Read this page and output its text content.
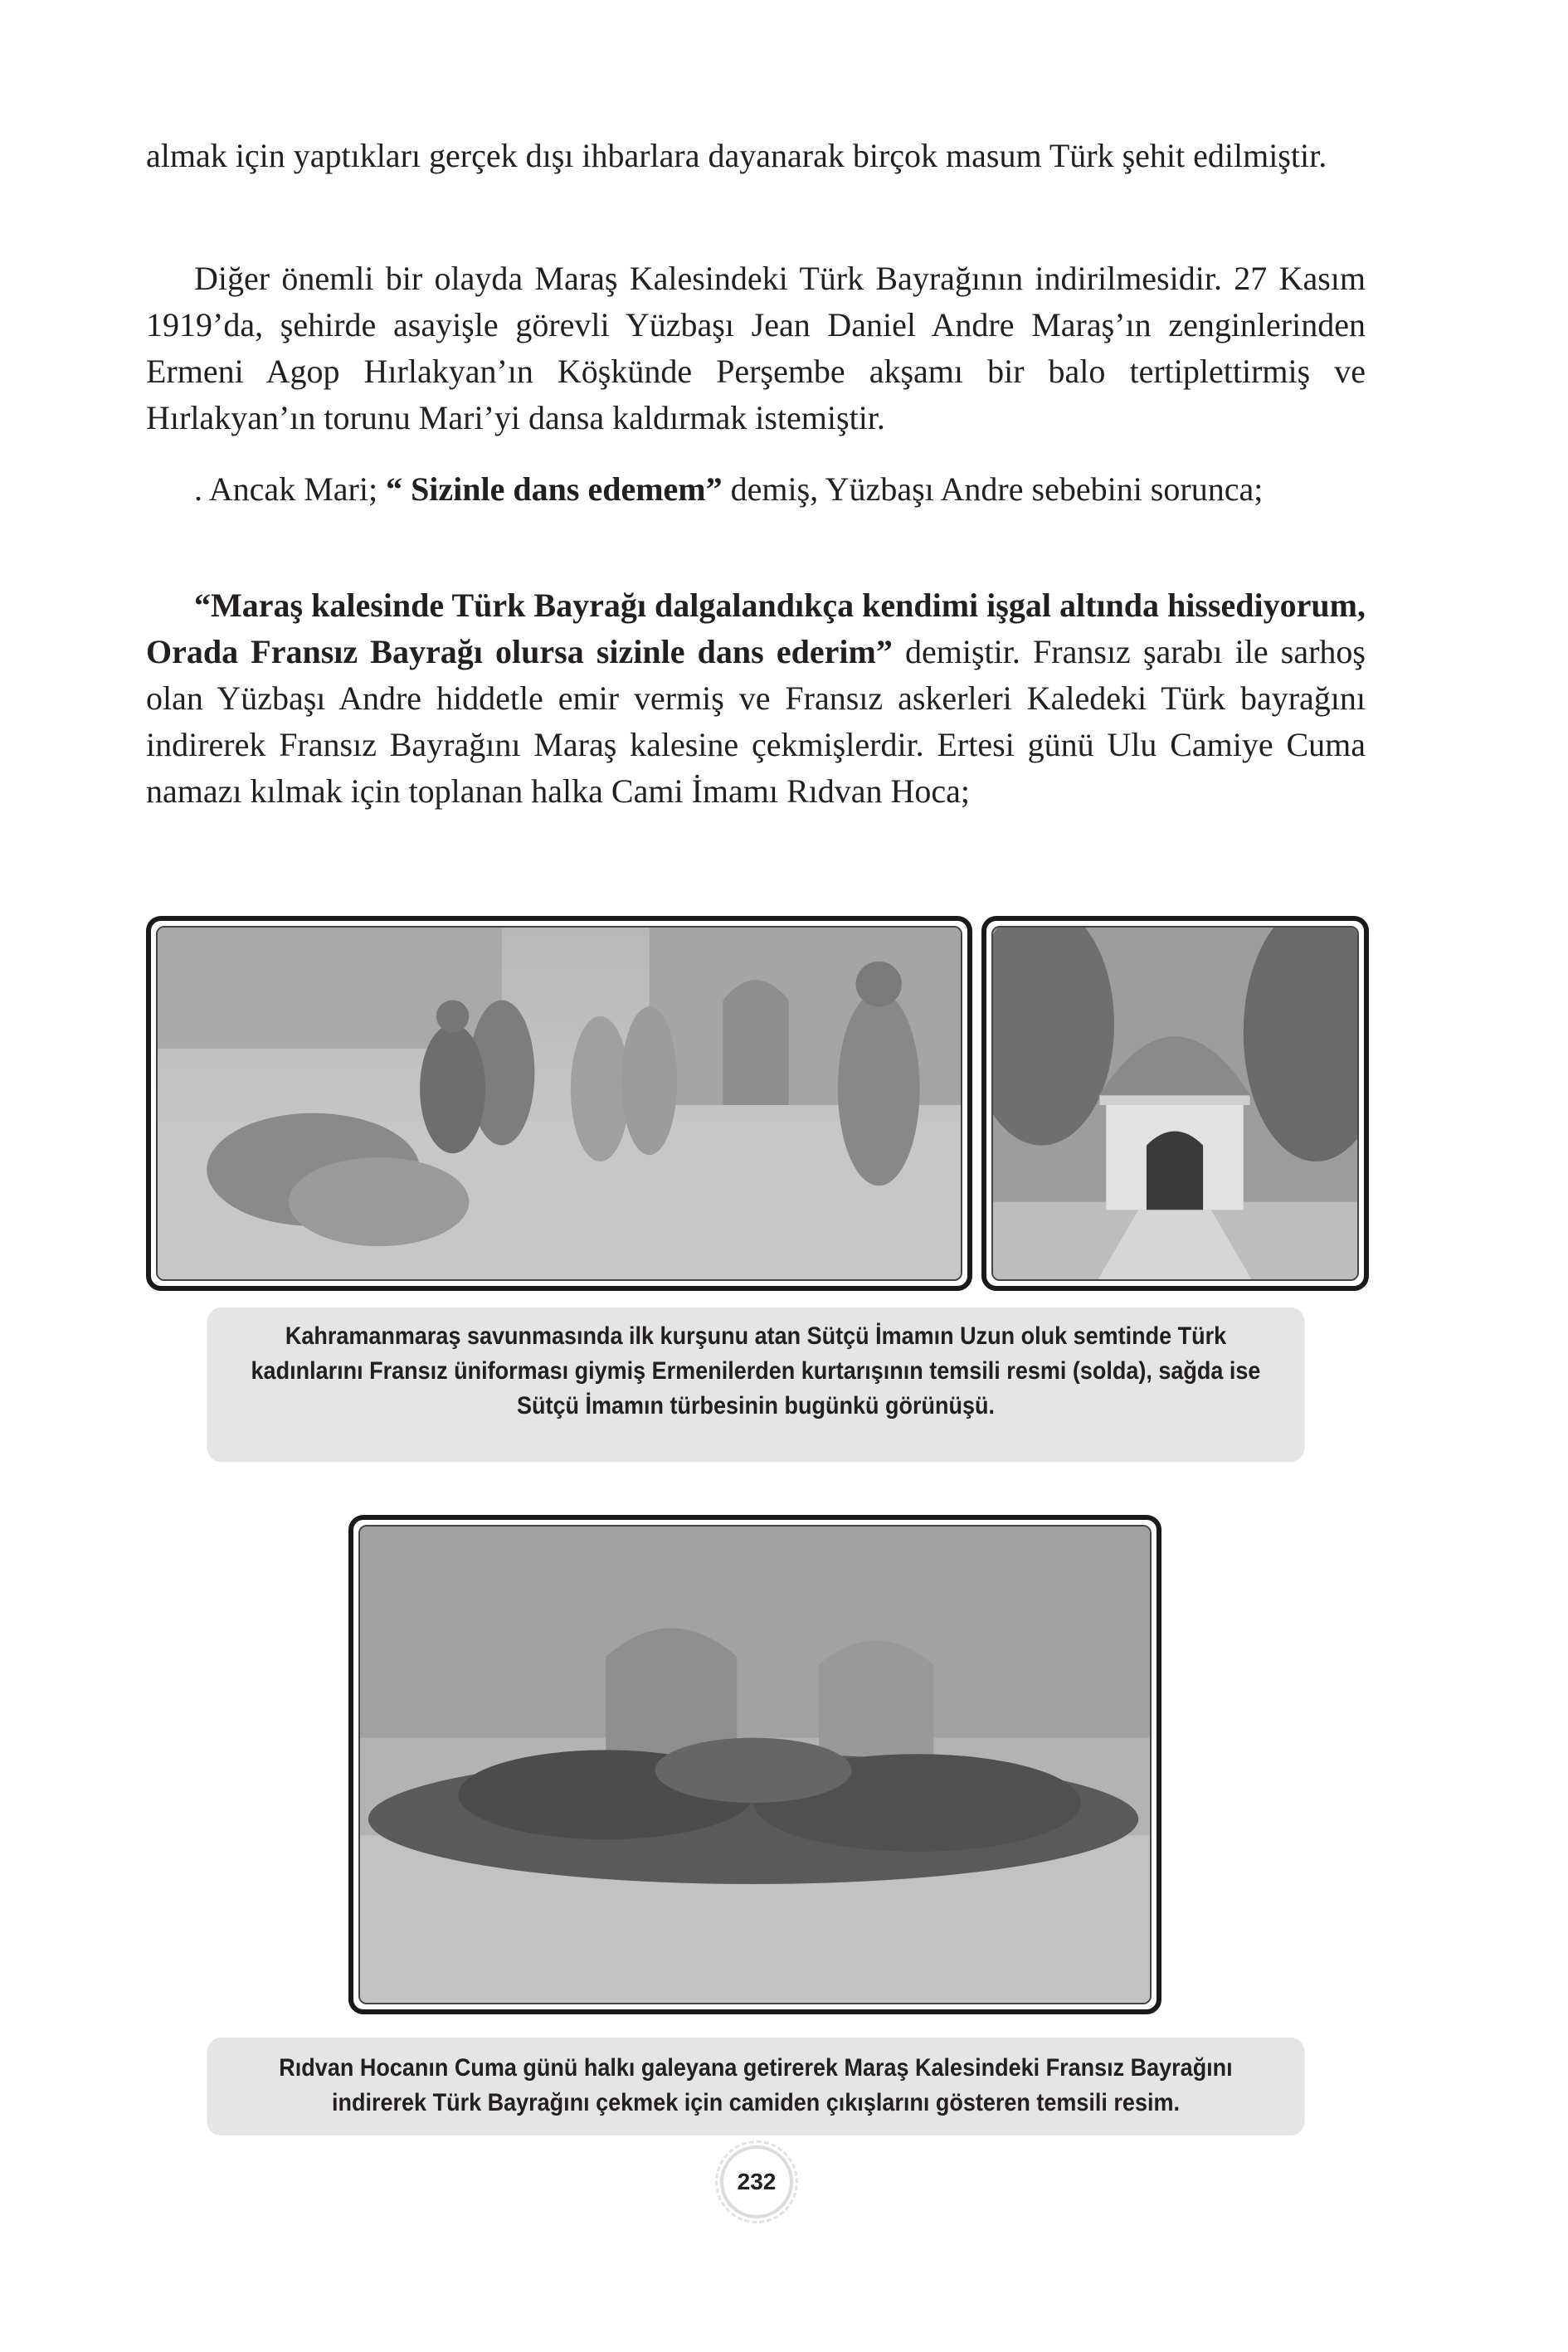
almak için yaptıkları gerçek dışı ihbarlara dayanarak birçok masum Türk şehit edilmiştir.

Diğer önemli bir olayda Maraş Kalesindeki Türk Bayrağının indirilmesidir. 27 Kasım 1919’da, şehirde asayişle görevli Yüzbaşı Jean Daniel Andre Maraş’ın zenginlerinden Ermeni Agop Hırlakyan’ın Köşkünde Perşembe akşamı bir balo tertiplettirmiş ve Hırlakyan’ın torunu Mari’yi dansa kaldırmak istemiştir.

. Ancak Mari; “ Sizinle dans edemem” demiş, Yüzbaşı Andre sebebini sorunca;

“Maraş kalesinde Türk Bayrağı dalgalandıkça kendimi işgal altında hissediyorum, Orada Fransız Bayrağı olursa sizinle dans ederim” demiştir. Fransız şarabı ile sarhoş olan Yüzbaşı Andre hiddetle emir vermiş ve Fransız askerleri Kaledeki Türk bayrağını indirerek Fransız Bayrağını Maraş kalesine çekmişlerdir. Ertesi günü Ulu Camiye Cuma namazı kılmak için toplanan halka Cami İmamı Rıdvan Hoca;

Kahramanmaraş savunmasında ilk kurşunu atan Sütçü İmamın Uzun oluk semtinde Türk kadınlarını Fransız üniforması giymiş Ermenilerden kurtarışının temsili resmi (solda), sağda ise Sütçü İmamın türbesinin bugünkü görünüşü.
Rıdvan Hocanın Cuma günü halkı galeyana getirerek Maraş Kalesindeki Fransız Bayrağını indirerek Türk Bayrağını çekmek için camiden çıkışlarını gösteren temsili resim.
232
